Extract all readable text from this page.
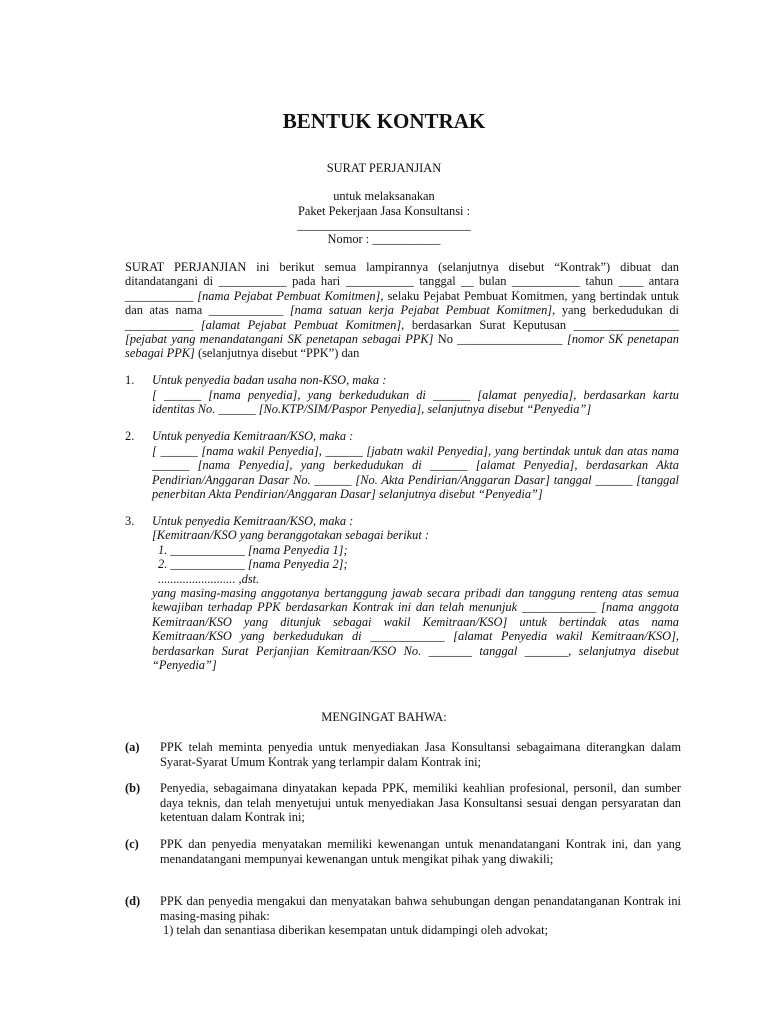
BENTUK KONTRAK
SURAT PERJANJIAN
untuk melaksanakan
Paket Pekerjaan Jasa Konsultansi :
____________________________
Nomor : ___________
SURAT PERJANJIAN ini berikut semua lampirannya (selanjutnya disebut “Kontrak”) dibuat dan ditandatangani di ___________ pada hari ___________ tanggal __ bulan ___________ tahun ____ antara ___________ [nama Pejabat Pembuat Komitmen], selaku Pejabat Pembuat Komitmen, yang bertindak untuk dan atas nama ____________ [nama satuan kerja Pejabat Pembuat Komitmen], yang berkedudukan di ___________ [alamat Pejabat Pembuat Komitmen], berdasarkan Surat Keputusan _________________ [pejabat yang menandatangani SK penetapan sebagai PPK] No _________________ [nomor SK penetapan sebagai PPK] (selanjutnya disebut “PPK”) dan
1. Untuk penyedia badan usaha non-KSO, maka :
[ ______ [nama penyedia], yang berkedudukan di ______ [alamat penyedia], berdasarkan kartu identitas No. ______ [No.KTP/SIM/Paspor Penyedia], selanjutnya disebut “Penyedia”]
2. Untuk penyedia Kemitraan/KSO, maka :
[ ______ [nama wakil Penyedia], ______ [jabatn wakil Penyedia], yang bertindak untuk dan atas nama ______ [nama Penyedia], yang berkedudukan di ______ [alamat Penyedia], berdasarkan Akta Pendirian/Anggaran Dasar No. ______ [No. Akta Pendirian/Anggaran Dasar] tanggal ______ [tanggal penerbitan Akta Pendirian/Anggaran Dasar] selanjutnya disebut “Penyedia”]
3. Untuk penyedia Kemitraan/KSO, maka :
[Kemitraan/KSO yang beranggotakan sebagai berikut :
1. ____________ [nama Penyedia 1];
2. ____________ [nama Penyedia 2];
......................... ,dst.
yang masing-masing anggotanya bertanggung jawab secara pribadi dan tanggung renteng atas semua kewajiban terhadap PPK berdasarkan Kontrak ini dan telah menunjuk ____________ [nama anggota Kemitraan/KSO yang ditunjuk sebagai wakil Kemitraan/KSO] untuk bertindak atas nama Kemitraan/KSO yang berkedudukan di ____________ [alamat Penyedia wakil Kemitraan/KSO], berdasarkan Surat Perjanjian Kemitraan/KSO No. _______ tanggal _______, selanjutnya disebut “Penyedia”]
MENGINGAT BAHWA:
(a) PPK telah meminta penyedia untuk menyediakan Jasa Konsultansi sebagaimana diterangkan dalam Syarat-Syarat Umum Kontrak yang terlampir dalam Kontrak ini;
(b) Penyedia, sebagaimana dinyatakan kepada PPK, memiliki keahlian profesional, personil, dan sumber daya teknis, dan telah menyetujui untuk menyediakan Jasa Konsultansi sesuai dengan persyaratan dan ketentuan dalam Kontrak ini;
(c) PPK dan penyedia menyatakan memiliki kewenangan untuk menandatangani Kontrak ini, dan yang menandatangani mempunyai kewenangan untuk mengikat pihak yang diwakili;
(d) PPK dan penyedia mengakui dan menyatakan bahwa sehubungan dengan penandatanganan Kontrak ini masing-masing pihak:
1) telah dan senantiasa diberikan kesempatan untuk didampingi oleh advokat;
